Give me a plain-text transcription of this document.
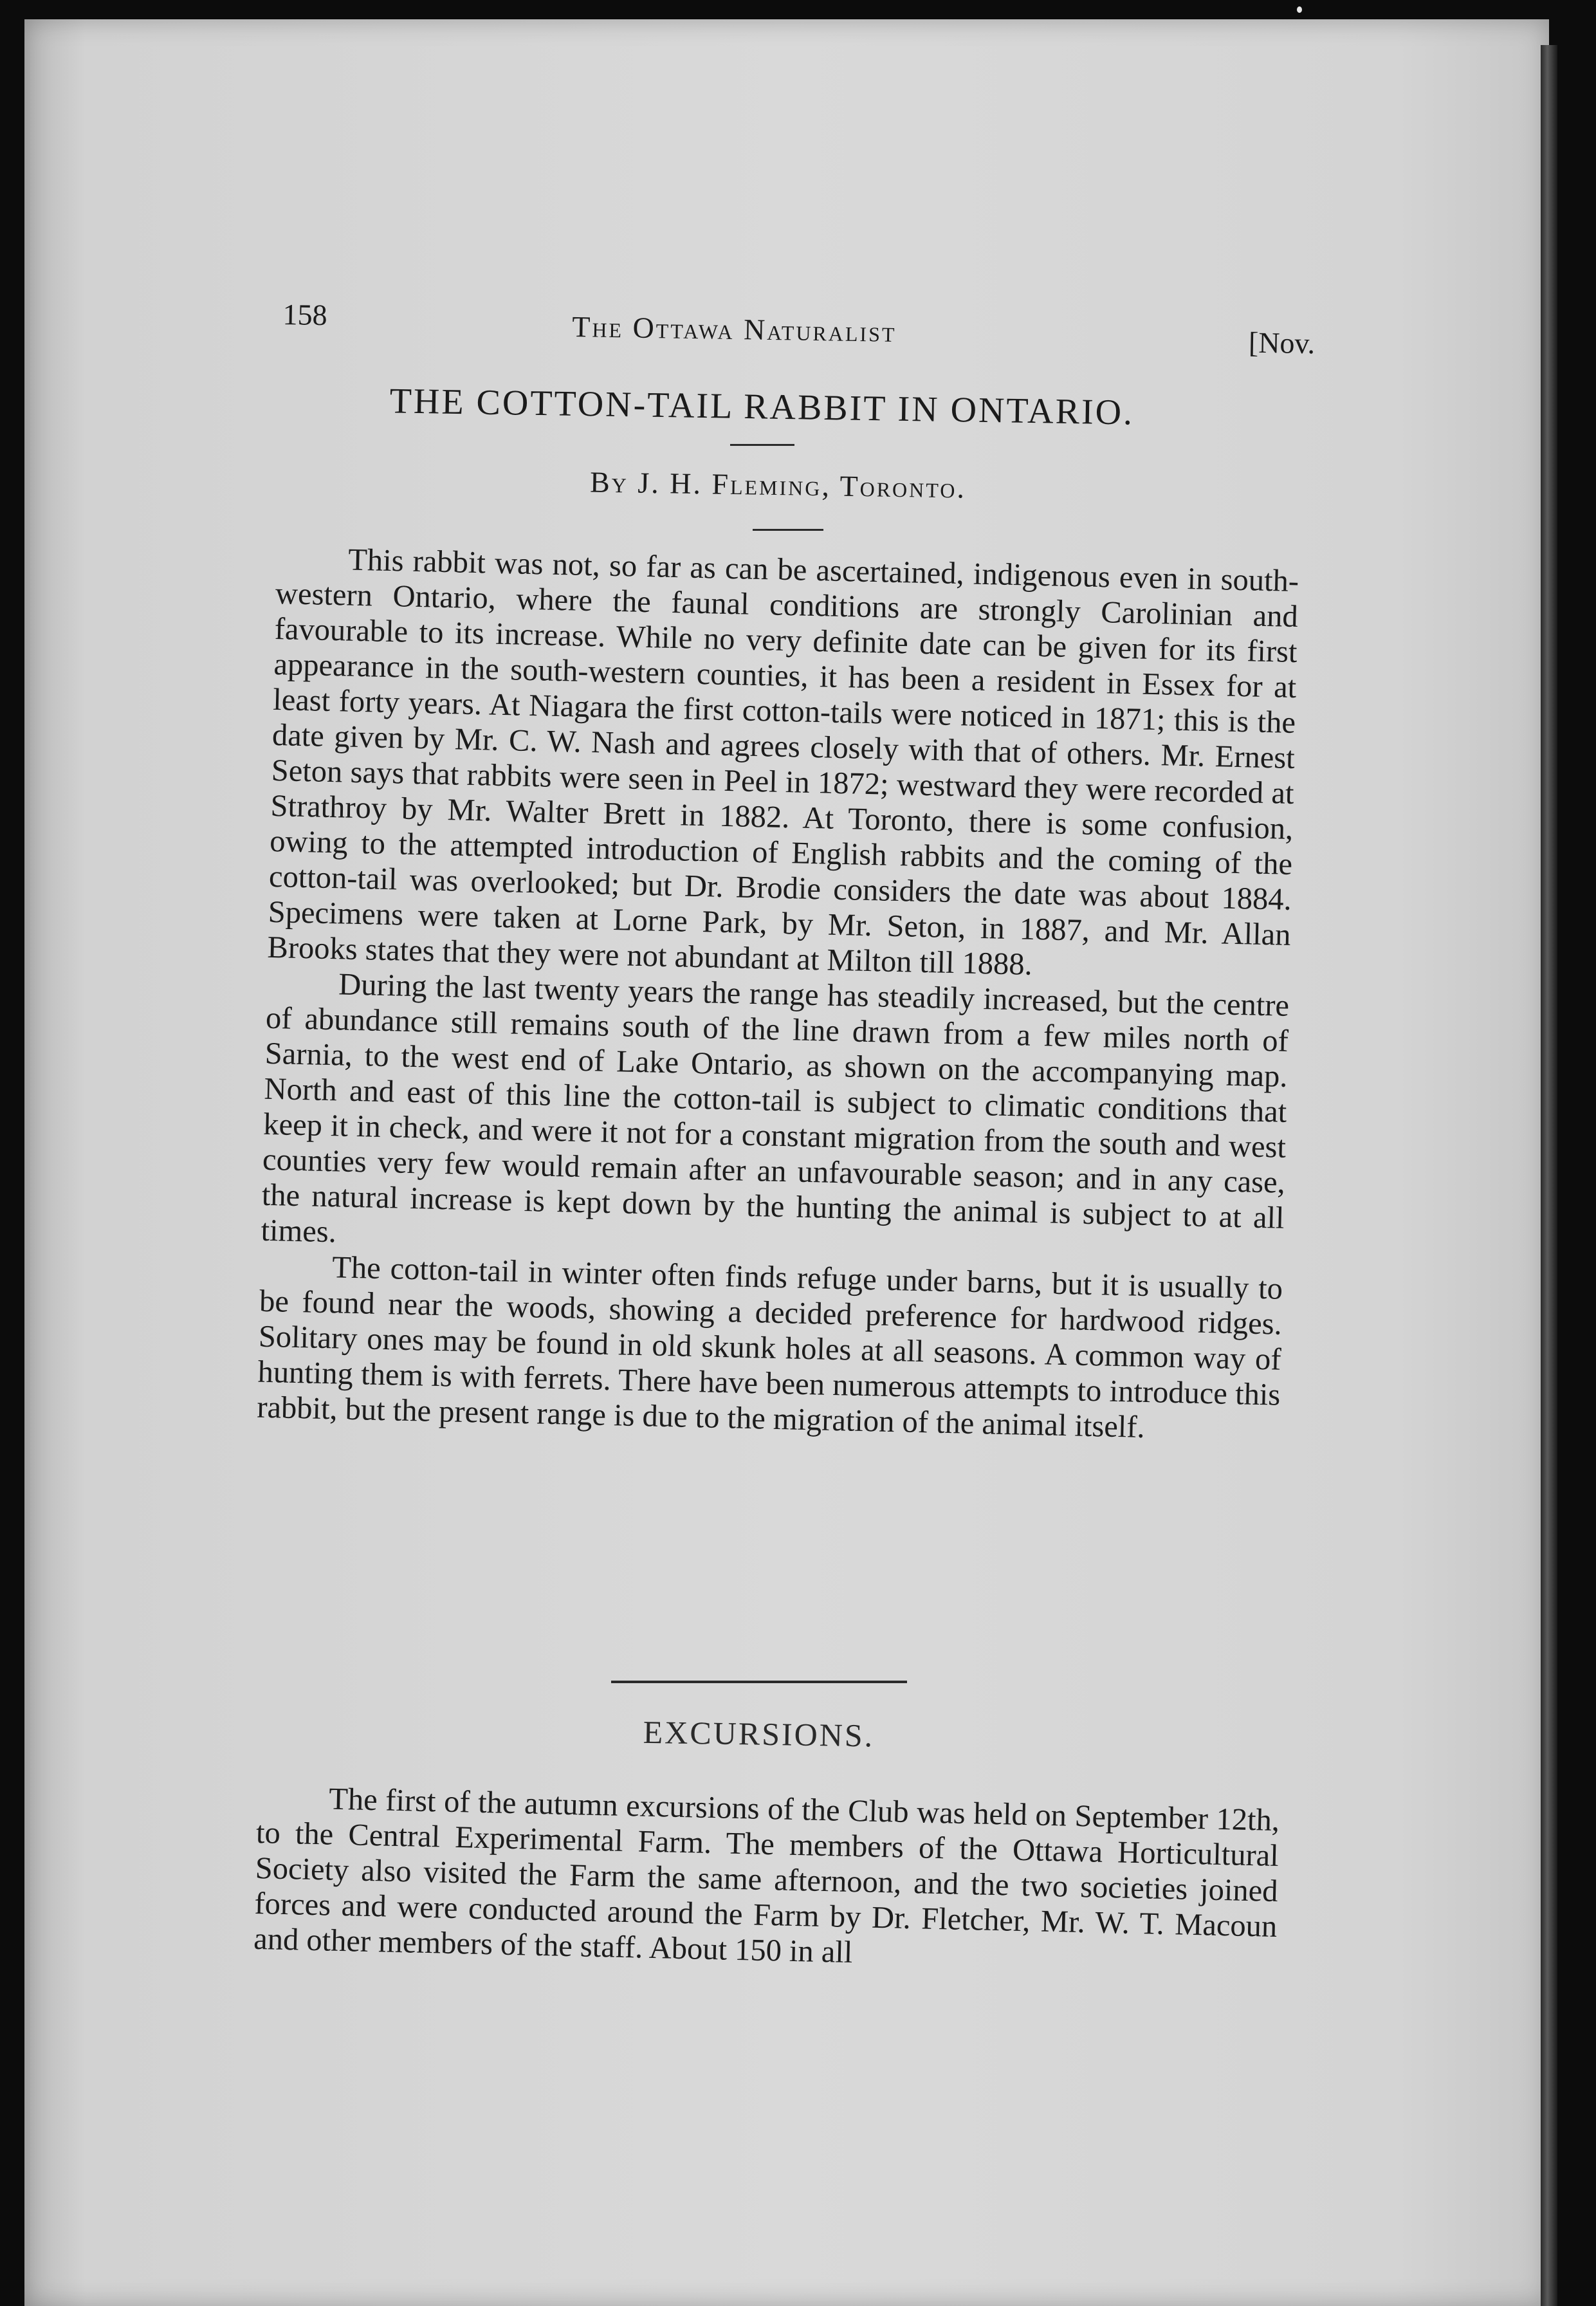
158	The Ottawa Naturalist	[Nov.
THE COTTON-TAIL RABBIT IN ONTARIO.
By J. H. Fleming, Toronto.

This rabbit was not, so far as can be ascertained, indigenous even in south-western Ontario, where the faunal conditions are strongly Carolinian and favourable to its increase. While no very definite date can be given for its first appearance in the south-western counties, it has been a resident in Essex for at least forty years. At Niagara the first cotton-tails were noticed in 1871; this is the date given by Mr. C. W. Nash and agrees closely with that of others. Mr. Ernest Seton says that rabbits were seen in Peel in 1872; westward they were recorded at Strathroy by Mr. Walter Brett in 1882. At Toronto, there is some confusion, owing to the attempted introduction of English rabbits and the coming of the cotton-tail was overlooked; but Dr. Brodie considers the date was about 1884. Specimens were taken at Lorne Park, by Mr. Seton, in 1887, and Mr. Allan Brooks states that they were not abundant at Milton till 1888.

During the last twenty years the range has steadily increased, but the centre of abundance still remains south of the line drawn from a few miles north of Sarnia, to the west end of Lake Ontario, as shown on the accompanying map. North and east of this line the cotton-tail is subject to climatic conditions that keep it in check, and were it not for a constant migration from the south and west counties very few would remain after an unfavourable season; and in any case, the natural increase is kept down by the hunting the animal is subject to at all times.

The cotton-tail in winter often finds refuge under barns, but it is usually to be found near the woods, showing a decided preference for hardwood ridges. Solitary ones may be found in old skunk holes at all seasons. A common way of hunting them is with ferrets. There have been numerous attempts to introduce this rabbit, but the present range is due to the migration of the animal itself.

EXCURSIONS.

The first of the autumn excursions of the Club was held on September 12th, to the Central Experimental Farm. The members of the Ottawa Horticultural Society also visited the Farm the same afternoon, and the two societies joined forces and were conducted around the Farm by Dr. Fletcher, Mr. W. T. Macoun and other members of the staff. About 150 in all
